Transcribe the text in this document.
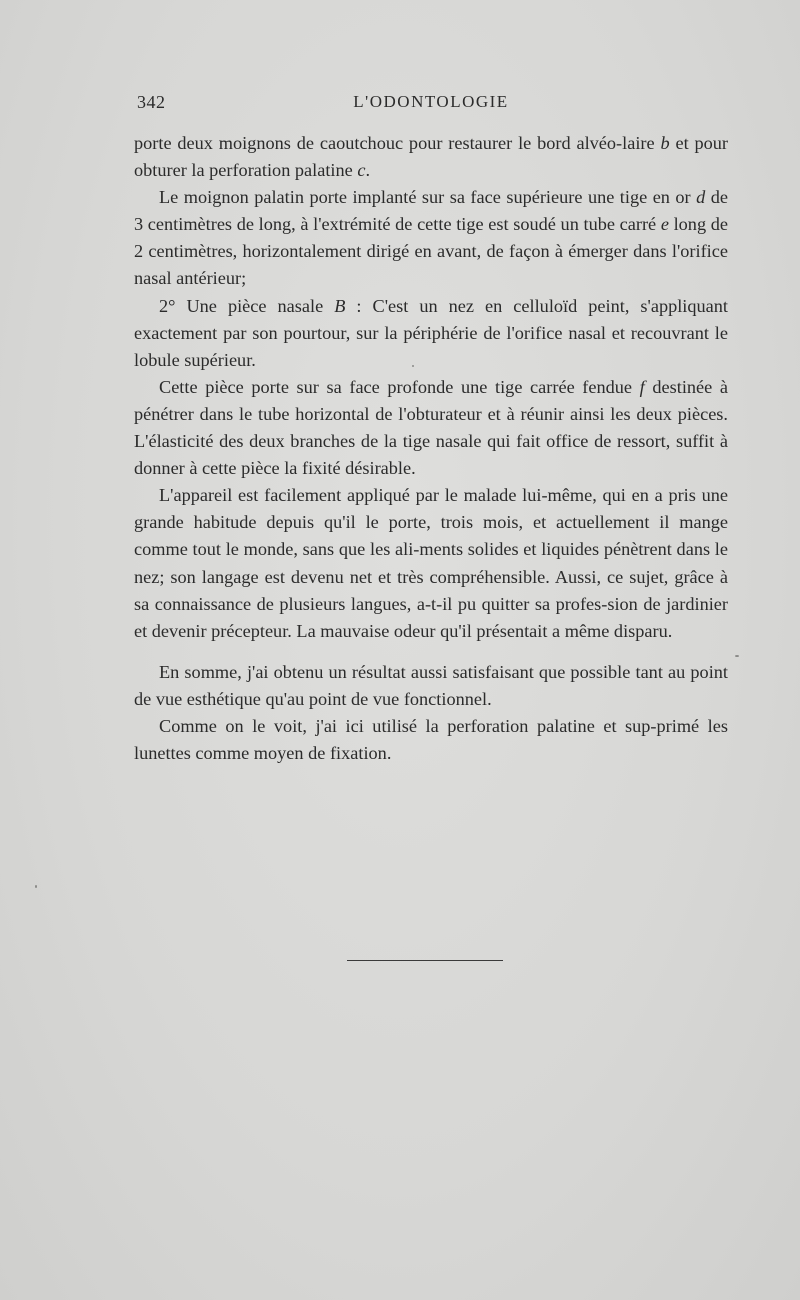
342	L'ODONTOLOGIE

porte deux moignons de caoutchouc pour restaurer le bord alvéo-laire b et pour obturer la perforation palatine c.

Le moignon palatin porte implanté sur sa face supérieure une tige en or d de 3 centimètres de long, à l'extrémité de cette tige est soudé un tube carré e long de 2 centimètres, horizontalement dirigé en avant, de façon à émerger dans l'orifice nasal antérieur;

2° Une pièce nasale B : C'est un nez en celluloïd peint, s'appliquant exactement par son pourtour, sur la périphérie de l'orifice nasal et recouvrant le lobule supérieur.

Cette pièce porte sur sa face profonde une tige carrée fendue f destinée à pénétrer dans le tube horizontal de l'obturateur et à réunir ainsi les deux pièces. L'élasticité des deux branches de la tige nasale qui fait office de ressort, suffit à donner à cette pièce la fixité désirable.

L'appareil est facilement appliqué par le malade lui-même, qui en a pris une grande habitude depuis qu'il le porte, trois mois, et actuellement il mange comme tout le monde, sans que les ali-ments solides et liquides pénètrent dans le nez; son langage est devenu net et très compréhensible. Aussi, ce sujet, grâce à sa connaissance de plusieurs langues, a-t-il pu quitter sa profes-sion de jardinier et devenir précepteur. La mauvaise odeur qu'il présentait a même disparu.

En somme, j'ai obtenu un résultat aussi satisfaisant que possible tant au point de vue esthétique qu'au point de vue fonctionnel.

Comme on le voit, j'ai ici utilisé la perforation palatine et sup-primé les lunettes comme moyen de fixation.
